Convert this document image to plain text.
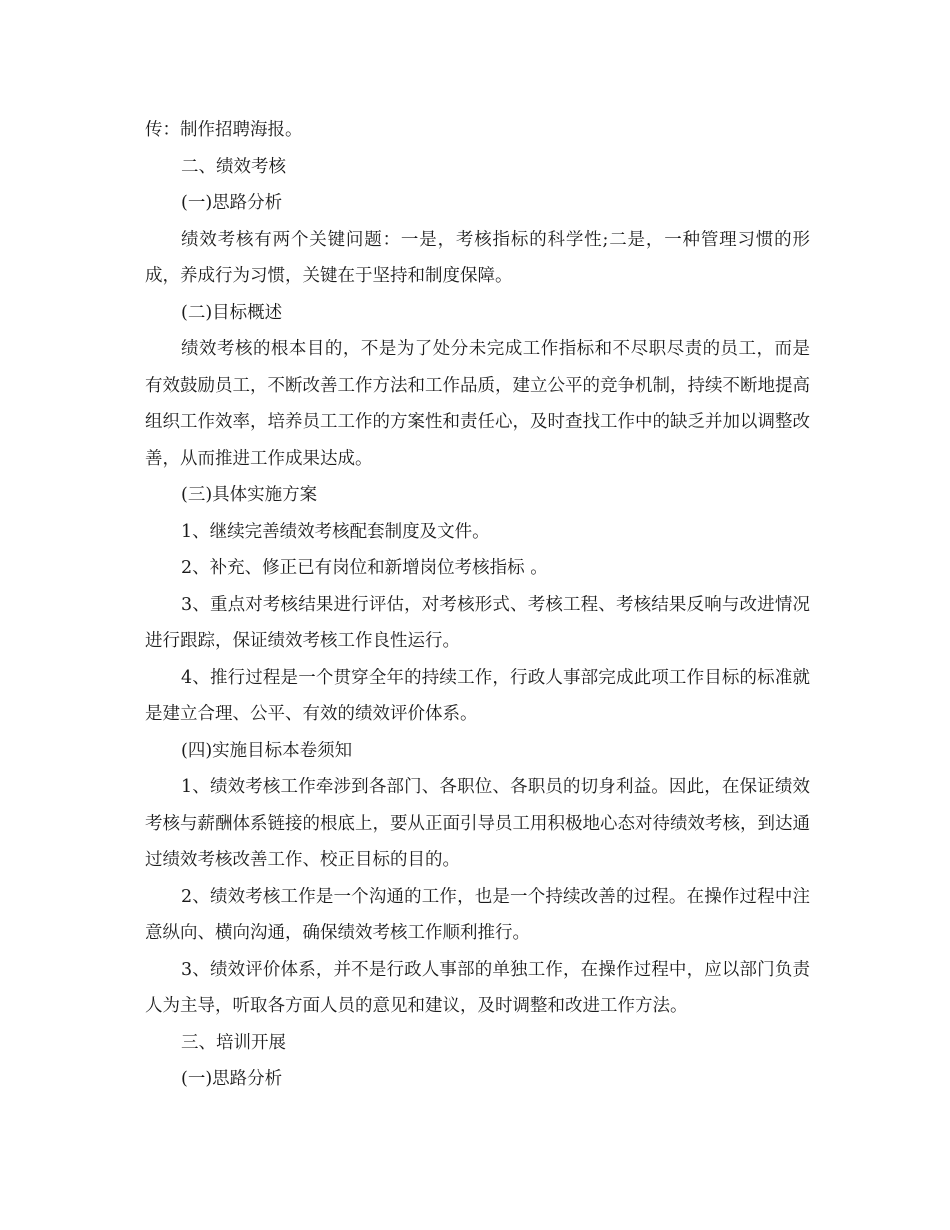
传：制作招聘海报。

二、绩效考核

(一)思路分析

绩效考核有两个关键问题：一是，考核指标的科学性;二是，一种管理习惯的形成，养成行为习惯，关键在于坚持和制度保障。

(二)目标概述

绩效考核的根本目的，不是为了处分未完成工作指标和不尽职尽责的员工，而是有效鼓励员工，不断改善工作方法和工作品质，建立公平的竞争机制，持续不断地提高组织工作效率，培养员工工作的方案性和责任心，及时查找工作中的缺乏并加以调整改善，从而推进工作成果达成。

(三)具体实施方案

1、继续完善绩效考核配套制度及文件。

2、补充、修正已有岗位和新增岗位考核指标 。

3、重点对考核结果进行评估，对考核形式、考核工程、考核结果反响与改进情况进行跟踪，保证绩效考核工作良性运行。

4、推行过程是一个贯穿全年的持续工作，行政人事部完成此项工作目标的标准就是建立合理、公平、有效的绩效评价体系。

(四)实施目标本卷须知

1、绩效考核工作牵涉到各部门、各职位、各职员的切身利益。因此，在保证绩效考核与薪酬体系链接的根底上，要从正面引导员工用积极地心态对待绩效考核，到达通过绩效考核改善工作、校正目标的目的。

2、绩效考核工作是一个沟通的工作，也是一个持续改善的过程。在操作过程中注意纵向、横向沟通，确保绩效考核工作顺利推行。

3、绩效评价体系，并不是行政人事部的单独工作，在操作过程中，应以部门负责人为主导，听取各方面人员的意见和建议，及时调整和改进工作方法。

三、培训开展

(一)思路分析
